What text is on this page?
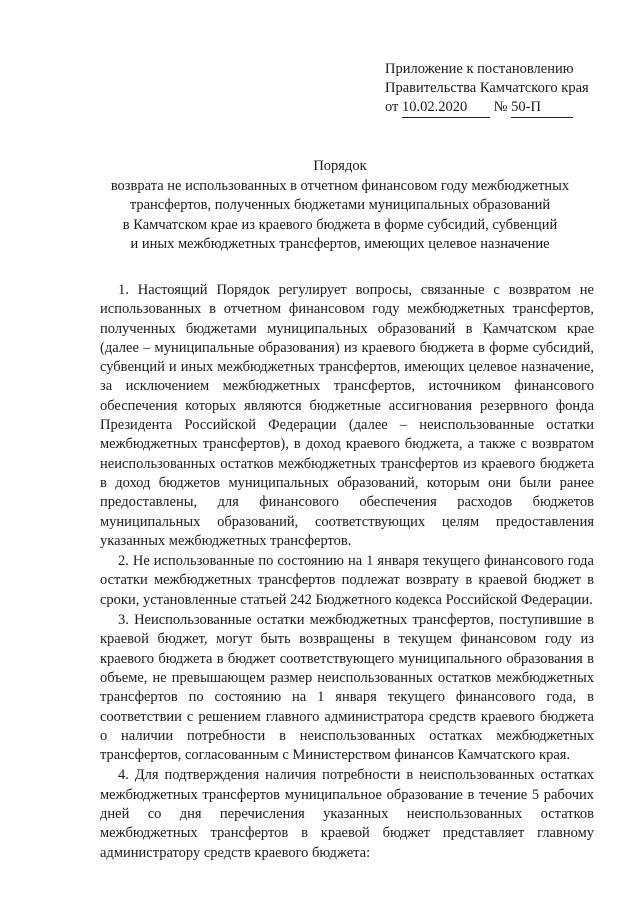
Приложение к постановлению
Правительства Камчатского края
от 10.02.2020 № 50-П
Порядок
возврата не использованных в отчетном финансовом году межбюджетных
трансфертов, полученных бюджетами муниципальных образований
в Камчатском крае из краевого бюджета в форме субсидий, субвенций
и иных межбюджетных трансфертов, имеющих целевое назначение

1. Настоящий Порядок регулирует вопросы, связанные с возвратом не использованных в отчетном финансовом году межбюджетных трансфертов, полученных бюджетами муниципальных образований в Камчатском крае (далее – муниципальные образования) из краевого бюджета в форме субсидий, субвенций и иных межбюджетных трансфертов, имеющих целевое назначение, за исключением межбюджетных трансфертов, источником финансового обеспечения которых являются бюджетные ассигнования резервного фонда Президента Российской Федерации (далее – неиспользованные остатки межбюджетных трансфертов), в доход краевого бюджета, а также с возвратом неиспользованных остатков межбюджетных трансфертов из краевого бюджета в доход бюджетов муниципальных образований, которым они были ранее предоставлены, для финансового обеспечения расходов бюджетов муниципальных образований, соответствующих целям предоставления указанных межбюджетных трансфертов.

2. Не использованные по состоянию на 1 января текущего финансового года остатки межбюджетных трансфертов подлежат возврату в краевой бюджет в сроки, установленные статьей 242 Бюджетного кодекса Российской Федерации.

3. Неиспользованные остатки межбюджетных трансфертов, поступившие в краевой бюджет, могут быть возвращены в текущем финансовом году из краевого бюджета в бюджет соответствующего муниципального образования в объеме, не превышающем размер неиспользованных остатков межбюджетных трансфертов по состоянию на 1 января текущего финансового года, в соответствии с решением главного администратора средств краевого бюджета о наличии потребности в неиспользованных остатках межбюджетных трансфертов, согласованным с Министерством финансов Камчатского края.

4. Для подтверждения наличия потребности в неиспользованных остатках межбюджетных трансфертов муниципальное образование в течение 5 рабочих дней со дня перечисления указанных неиспользованных остатков межбюджетных трансфертов в краевой бюджет представляет главному администратору средств краевого бюджета:
